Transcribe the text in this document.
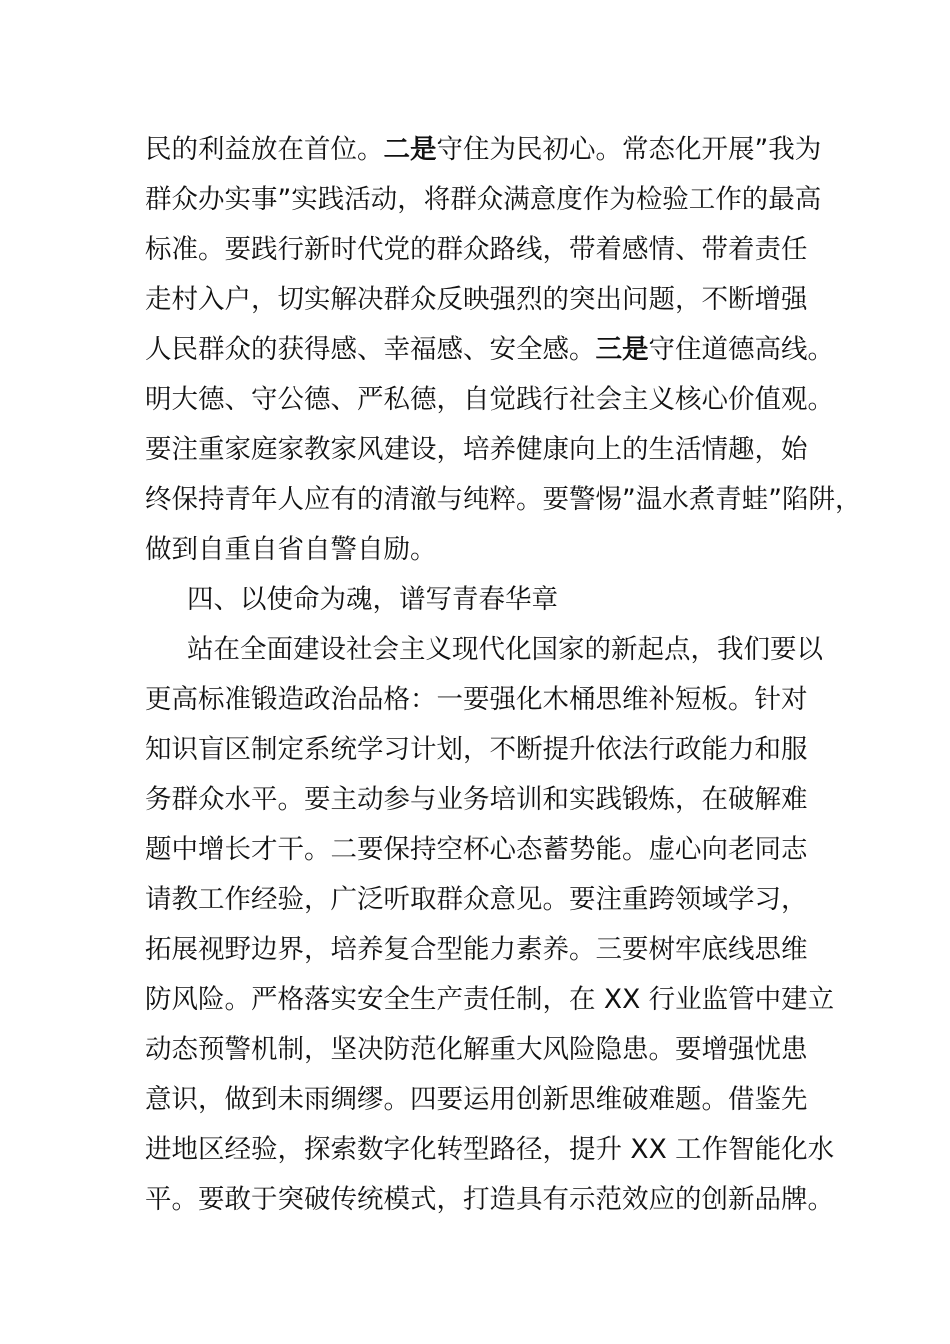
民的利益放在首位。二是守住为民初心。常态化开展”我为
群众办实事”实践活动，将群众满意度作为检验工作的最高
标准。要践行新时代党的群众路线，带着感情、带着责任
走村入户，切实解决群众反映强烈的突出问题，不断增强
人民群众的获得感、幸福感、安全感。三是守住道德高线。
明大德、守公德、严私德，自觉践行社会主义核心价值观。
要注重家庭家教家风建设，培养健康向上的生活情趣，始
终保持青年人应有的清澈与纯粹。要警惕”温水煮青蛙”陷阱，
做到自重自省自警自励。
四、以使命为魂，谱写青春华章
站在全面建设社会主义现代化国家的新起点，我们要以
更高标准锻造政治品格：一要强化木桶思维补短板。针对
知识盲区制定系统学习计划，不断提升依法行政能力和服
务群众水平。要主动参与业务培训和实践锻炼，在破解难
题中增长才干。二要保持空杯心态蓄势能。虚心向老同志
请教工作经验，广泛听取群众意见。要注重跨领域学习，
拓展视野边界，培养复合型能力素养。三要树牢底线思维
防风险。严格落实安全生产责任制，在 XX 行业监管中建立
动态预警机制，坚决防范化解重大风险隐患。要增强忧患
意识，做到未雨绸缪。四要运用创新思维破难题。借鉴先
进地区经验，探索数字化转型路径，提升 XX 工作智能化水
平。要敢于突破传统模式，打造具有示范效应的创新品牌。
